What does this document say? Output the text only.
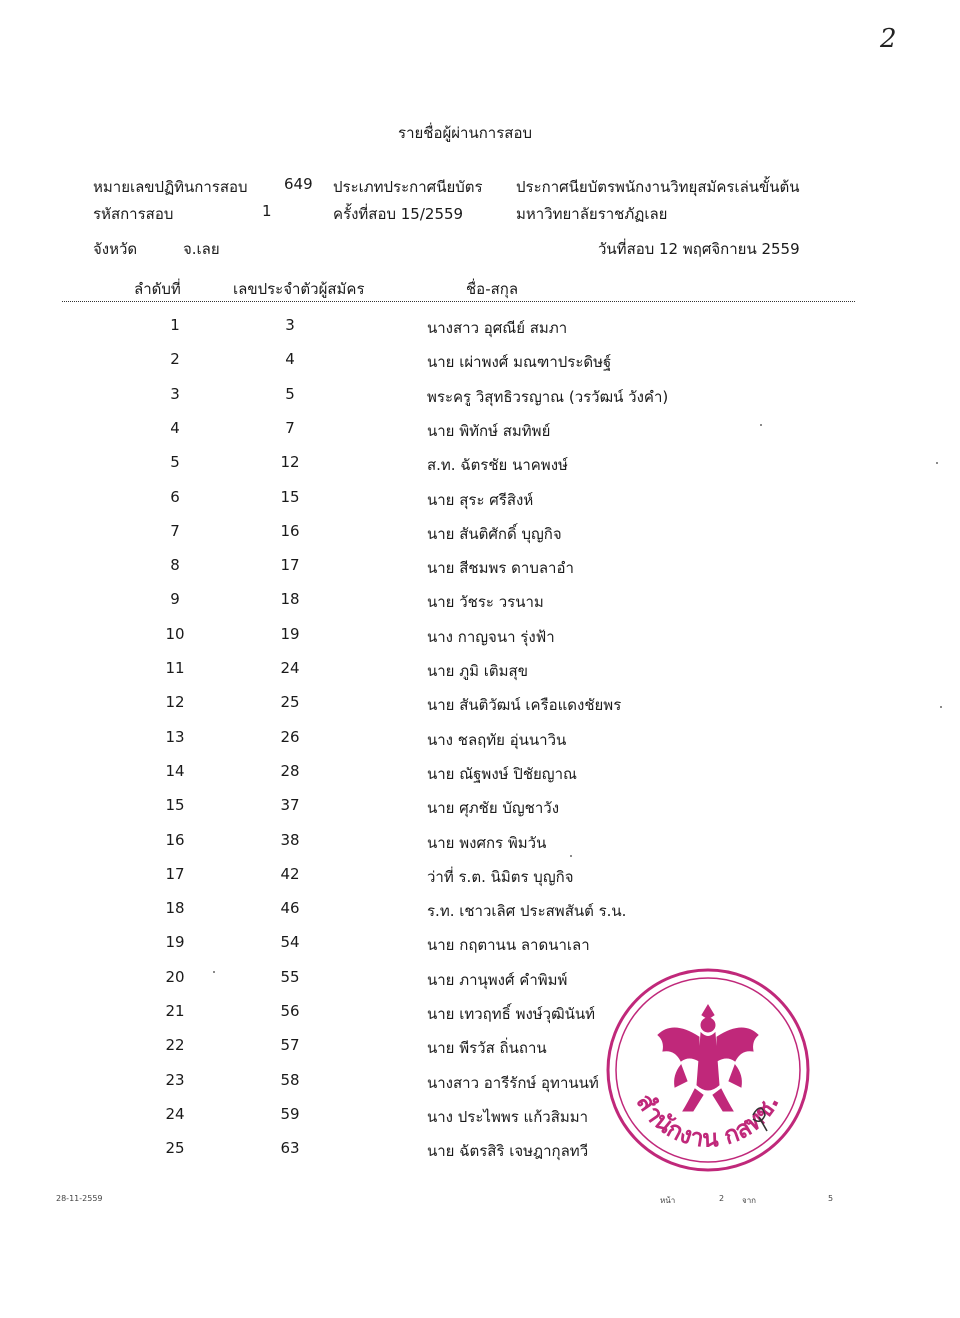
2
รายชื่อผู้ผ่านการสอบ
หมายเลขปฏิทินการสอบ 649 ประเภทประกาศนียบัตร ประกาศนียบัตรพนักงานวิทยุสมัครเล่นขั้นต้น
รหัสการสอบ	1	ครั้งที่สอบ 15/2559	มหาวิทยาลัยราชภัฏเลย
จังหวัด	จ.เลย	วันที่สอบ 12 พฤศจิกายน 2559
ลำดับที่	เลขประจำตัวผู้สมัคร	ชื่อ-สกุล
1	3	นางสาว อุศณีย์ สมภา
2	4	นาย เผ่าพงศ์ มณฑาประดิษฐ์
3	5	พระครู วิสุทธิวรญาณ (วรวัฒน์ วังคำ)
4	7	นาย พิทักษ์ สมทิพย์
5	12	ส.ท. ฉัตรชัย นาคพงษ์
6	15	นาย สุระ ศรีสิงห์
7	16	นาย สันติศักดิ์ บุญกิจ
8	17	นาย สีชมพร ดาบลาอำ
9	18	นาย วัชระ วรนาม
10	19	นาง กาญจนา รุ่งฟ้า
11	24	นาย ภูมิ เติมสุข
12	25	นาย สันติวัฒน์ เครือแดงชัยพร
13	26	นาง ชลฤทัย อุ่นนาวิน
14	28	นาย ณัฐพงษ์ ปิชัยญาณ
15	37	นาย ศุภชัย บัญชาวัง
16	38	นาย พงศกร พิมวัน
17	42	ว่าที่ ร.ต. นิมิตร บุญกิจ
18	46	ร.ท. เชาวเลิศ ประสพสันต์ ร.น.
19	54	นาย กฤตานน ลาดนาเลา
20	55	นาย ภานุพงศ์ คำพิมพ์
21	56	นาย เทวฤทธิ์ พงษ์วุฒินันท์
22	57	นาย พีรวัส ถิ่นถาน
23	58	นางสาว อารีรักษ์ อุทานนท์
24	59	นาง ประไพพร แก้วสิมมา
25	63	นาย ฉัตรสิริ เจษฎากุลทวี
สำนักงาน กสทช.
28-11-2559	หน้า	2 จาก	5
